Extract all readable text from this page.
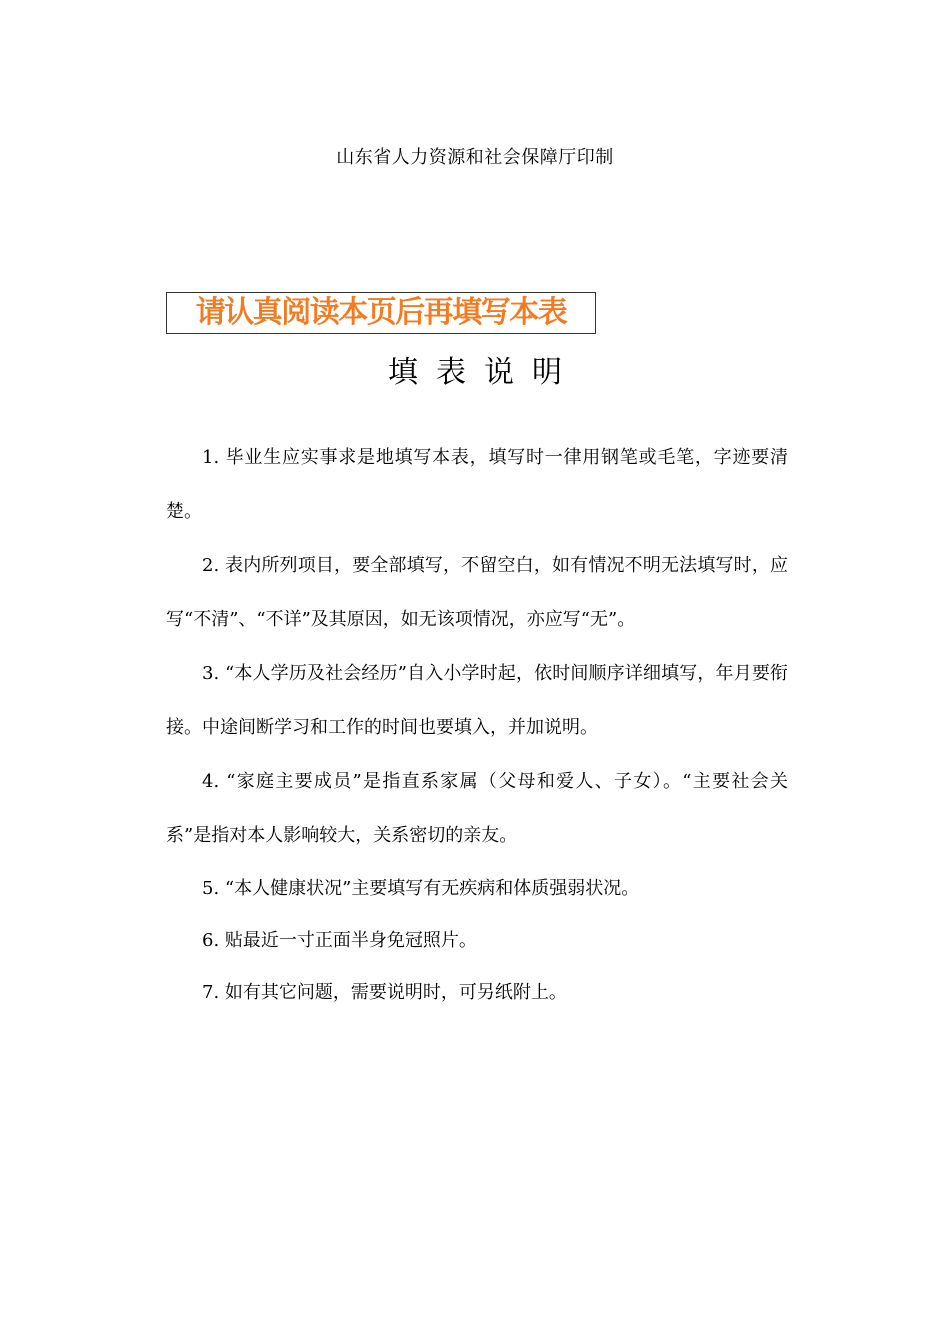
山东省人力资源和社会保障厅印制
请认真阅读本页后再填写本表
填表说明

1. 毕业生应实事求是地填写本表，填写时一律用钢笔或毛笔，字迹要清楚。

2. 表内所列项目，要全部填写，不留空白，如有情况不明无法填写时，应写“不清”、“不详”及其原因，如无该项情况，亦应写“无”。

3. “本人学历及社会经历”自入小学时起，依时间顺序详细填写，年月要衔接。中途间断学习和工作的时间也要填入，并加说明。

4. “家庭主要成员”是指直系家属（父母和爱人、子女）。“主要社会关系”是指对本人影响较大，关系密切的亲友。

5. “本人健康状况”主要填写有无疾病和体质强弱状况。

6. 贴最近一寸正面半身免冠照片。

7. 如有其它问题，需要说明时，可另纸附上。
